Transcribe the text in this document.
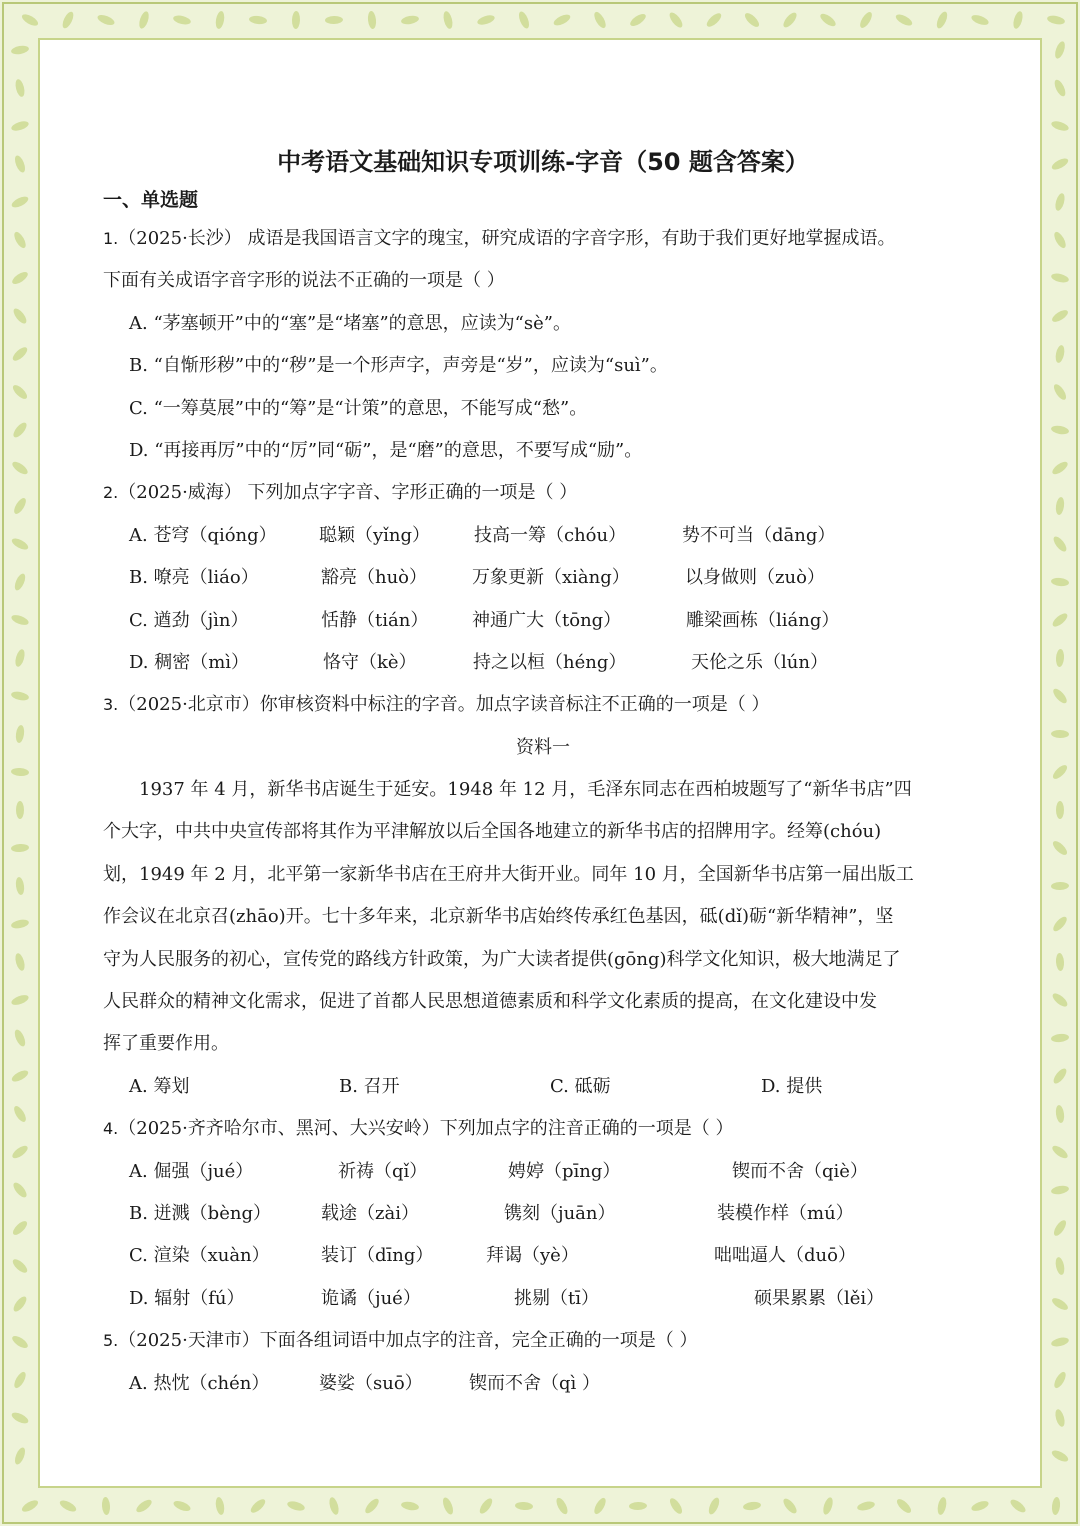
中考语文基础知识专项训练-字音（50 题含答案）
一、单选题
1.（2025·长沙） 成语是我国语言文字的瑰宝，研究成语的字音字形，有助于我们更好地掌握成语。
下面有关成语字音字形的说法不正确的一项是（ ）
A. “茅塞顿开”中的“塞”是“堵塞”的意思，应读为“sè”。
B. “自惭形秽”中的“秽”是一个形声字，声旁是“岁”，应读为“suì”。
C. “一筹莫展”中的“筹”是“计策”的意思，不能写成“愁”。
D. “再接再厉”中的“厉”同“砺”，是“磨”的意思，不要写成“励”。
2.（2025·威海） 下列加点字字音、字形正确的一项是（ ）
A. 苍穹（qióng）	聪颖（yǐng）	技高一筹（chóu）	势不可当（dāng）
B. 嘹亮（liáo）	豁亮（huò）	万象更新（xiàng）	以身做则（zuò）
C. 遒劲（jìn）	恬静（tián）	神通广大（tōng）	雕梁画栋（liáng）
D. 稠密（mì）	恪守（kè）	持之以桓（héng）	天伦之乐（lún）
3.（2025·北京市）你审核资料中标注的字音。加点字读音标注不正确的一项是（ ）
资料一
1937 年 4 月，新华书店诞生于延安。1948 年 12 月，毛泽东同志在西柏坡题写了“新华书店”四
个大字，中共中央宣传部将其作为平津解放以后全国各地建立的新华书店的招牌用字。经筹(chóu)
划，1949 年 2 月，北平第一家新华书店在王府井大街开业。同年 10 月，全国新华书店第一届出版工
作会议在北京召(zhāo)开。七十多年来，北京新华书店始终传承红色基因，砥(dǐ)砺“新华精神”，坚
守为人民服务的初心，宣传党的路线方针政策，为广大读者提供(gōng)科学文化知识，极大地满足了
人民群众的精神文化需求，促进了首都人民思想道德素质和科学文化素质的提高，在文化建设中发
挥了重要作用。
A. 筹划	B. 召开	C. 砥砺	D. 提供
4.（2025·齐齐哈尔市、黑河、大兴安岭）下列加点字的注音正确的一项是（ ）
A. 倔强（jué）	祈祷（qǐ）	娉婷（pīng）	锲而不舍（qiè）
B. 迸溅（bèng）	载途（zài）	镌刻（juān）	装模作样（mú）
C. 渲染（xuàn）	装订（dīng）	拜谒（yè）	咄咄逼人（duō）
D. 辐射（fú）	诡谲（jué）	挑剔（tī）	硕果累累（lěi）
5.（2025·天津市）下面各组词语中加点字的注音，完全正确的一项是（ ）
A. 热忱（chén）	婆娑（suō）	锲而不舍（qì ）
